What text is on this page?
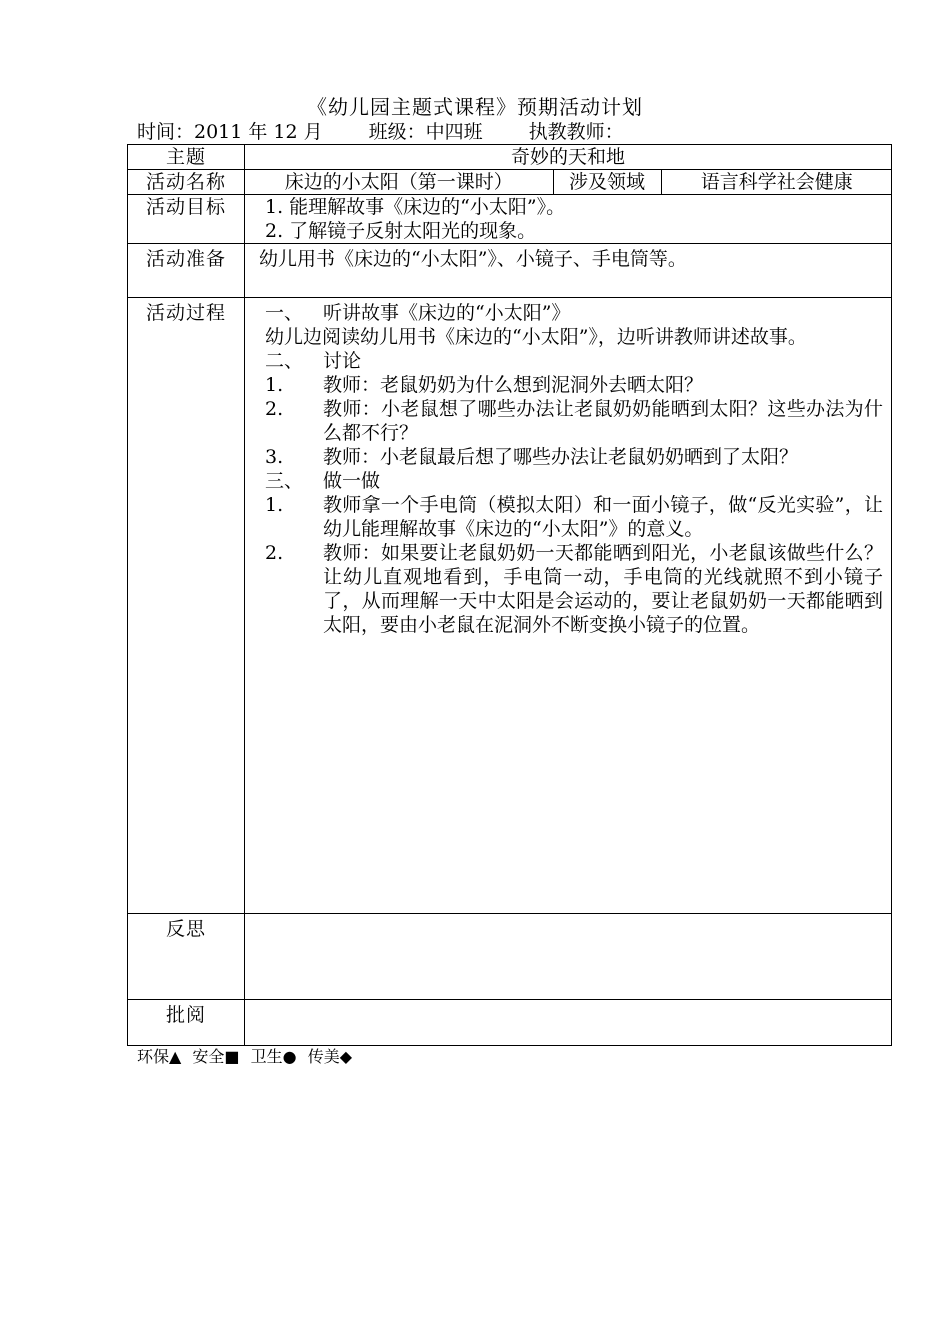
《幼儿园主题式课程》预期活动计划
时间：2011 年 12 月 班级：中四班 执教教师：
主题	奇妙的天和地
活动名称		床边的小太阳（第一课时）	涉及领域	语言科学社会健康

活动目标	1. 能理解故事《床边的“小太阳”》。
2. 了解镜子反射太阳光的现象。

活动准备	幼儿用书《床边的“小太阳”》、小镜子、手电筒等。
活动过程	一、	听讲故事《床边的“小太阳”》
幼儿边阅读幼儿用书《床边的“小太阳”》，边听讲教师讲述故事。
二、	讨论
1.	教师：老鼠奶奶为什么想到泥洞外去晒太阳？
2.	教师：小老鼠想了哪些办法让老鼠奶奶能晒到太阳？这些办法为什么都不行？
3.	教师：小老鼠最后想了哪些办法让老鼠奶奶晒到了太阳？
三、	做一做
1.	教师拿一个手电筒（模拟太阳）和一面小镜子，做“反光实验”，让幼儿能理解故事《床边的“小太阳”》的意义。
2.	教师：如果要让老鼠奶奶一天都能晒到阳光，小老鼠该做些什么？让幼儿直观地看到，手电筒一动，手电筒的光线就照不到小镜子了，从而理解一天中太阳是会运动的，要让老鼠奶奶一天都能晒到太阳，要由小老鼠在泥洞外不断变换小镜子的位置。

反思	
批阅	
环保▲ 安全■ 卫生● 传美◆
